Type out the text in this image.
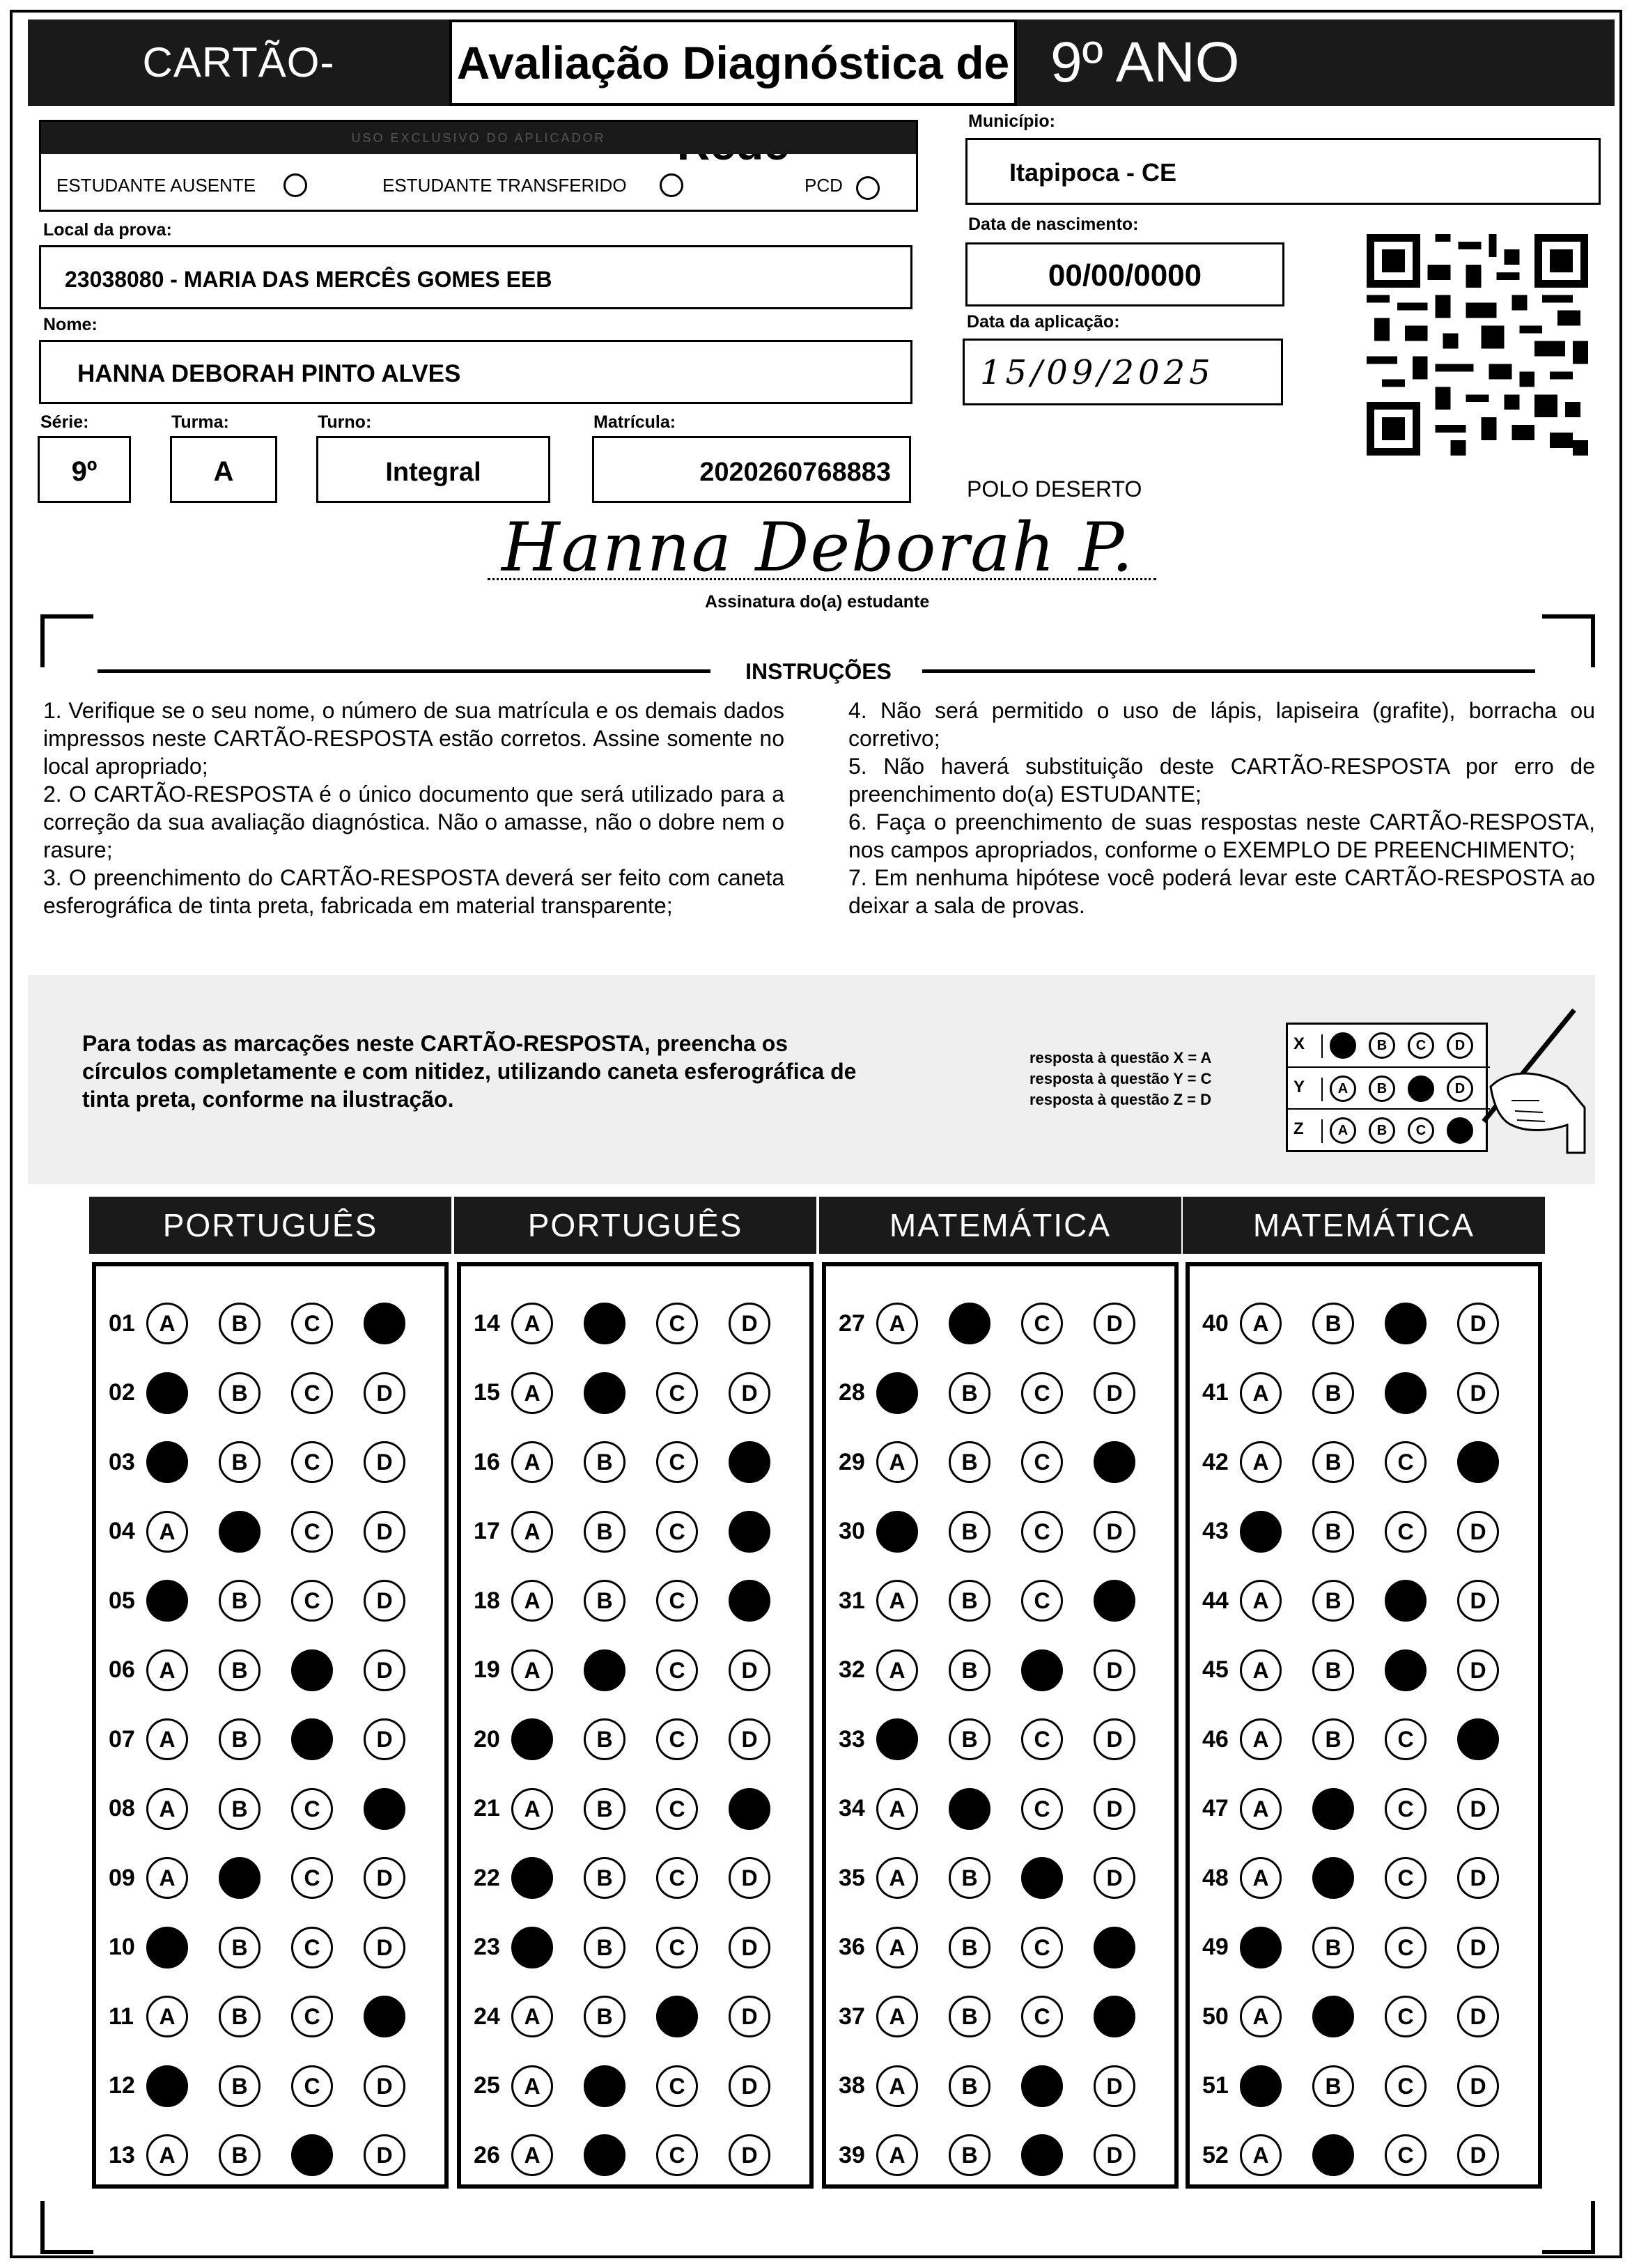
CARTÃO-	Avaliação Diagnóstica de 9º ANO
USO EXCLUSIVO DO APLICADOR
ESTUDANTE AUSENTE	ESTUDANTE TRANSFERIDO	PCD
Município:
Itapipoca - CE
Local da prova:
23038080 - MARIA DAS MERCÊS GOMES EEB
Data de nascimento:
00/00/0000
Nome:
HANNA DEBORAH PINTO ALVES
Data da aplicação:
15/09/2025
Série:
9º
Turma:
A
Turno:
Integral
Matrícula:
2020260768883
POLO DESERTO
Hanna Deborah P.
Assinatura do(a) estudante
INSTRUÇÕES
1. Verifique se o seu nome, o número de sua matrícula e os demais dados impressos neste CARTÃO-RESPOSTA estão corretos. Assine somente no local apropriado;
2. O CARTÃO-RESPOSTA é o único documento que será utilizado para a correção da sua avaliação diagnóstica. Não o amasse, não o dobre nem o rasure;
3. O preenchimento do CARTÃO-RESPOSTA deverá ser feito com caneta esferográfica de tinta preta, fabricada em material transparente;
4. Não será permitido o uso de lápis, lapiseira (grafite), borracha ou corretivo;
5. Não haverá substituição deste CARTÃO-RESPOSTA por erro de preenchimento do(a) ESTUDANTE;
6. Faça o preenchimento de suas respostas neste CARTÃO-RESPOSTA, nos campos apropriados, conforme o EXEMPLO DE PREENCHIMENTO;
7. Em nenhuma hipótese você poderá levar este CARTÃO-RESPOSTA ao deixar a sala de provas.
Para todas as marcações neste CARTÃO-RESPOSTA, preencha os círculos completamente e com nitidez, utilizando caneta esferográfica de tinta preta, conforme na ilustração.
resposta à questão X = A
resposta à questão Y = C
resposta à questão Z = D
X	B	C	D
Y	A	B	D
Z	A	B	C
PORTUGUÊS
01	A	B	C
02	B	C	D
03	B	C	D
04	A	C	D
05	B	C	D
06	A	B	D
07	A	B	D
08	A	B	C
09	A	C	D
10	B	C	D
11	A	B	C
12	B	C	D
13	A	B	D
PORTUGUÊS
14	A	C	D
15	A	C	D
16	A	B	C
17	A	B	C
18	A	B	C
19	A	C	D
20	B	C	D
21	A	B	C
22	B	C	D
23	B	C	D
24	A	B	D
25	A	C	D
26	A	C	D
MATEMÁTICA
27	A	C	D
28	B	C	D
29	A	B	C
30	B	C	D
31	A	B	C
32	A	B	D
33	B	C	D
34	A	C	D
35	A	B	D
36	A	B	C
37	A	B	C
38	A	B	D
39	A	B	D
MATEMÁTICA
40	A	B	D
41	A	B	D
42	A	B	C
43	B	C	D
44	A	B	D
45	A	B	D
46	A	B	C
47	A	C	D
48	A	C	D
49	B	C	D
50	A	C	D
51	B	C	D
52	A	C	D
